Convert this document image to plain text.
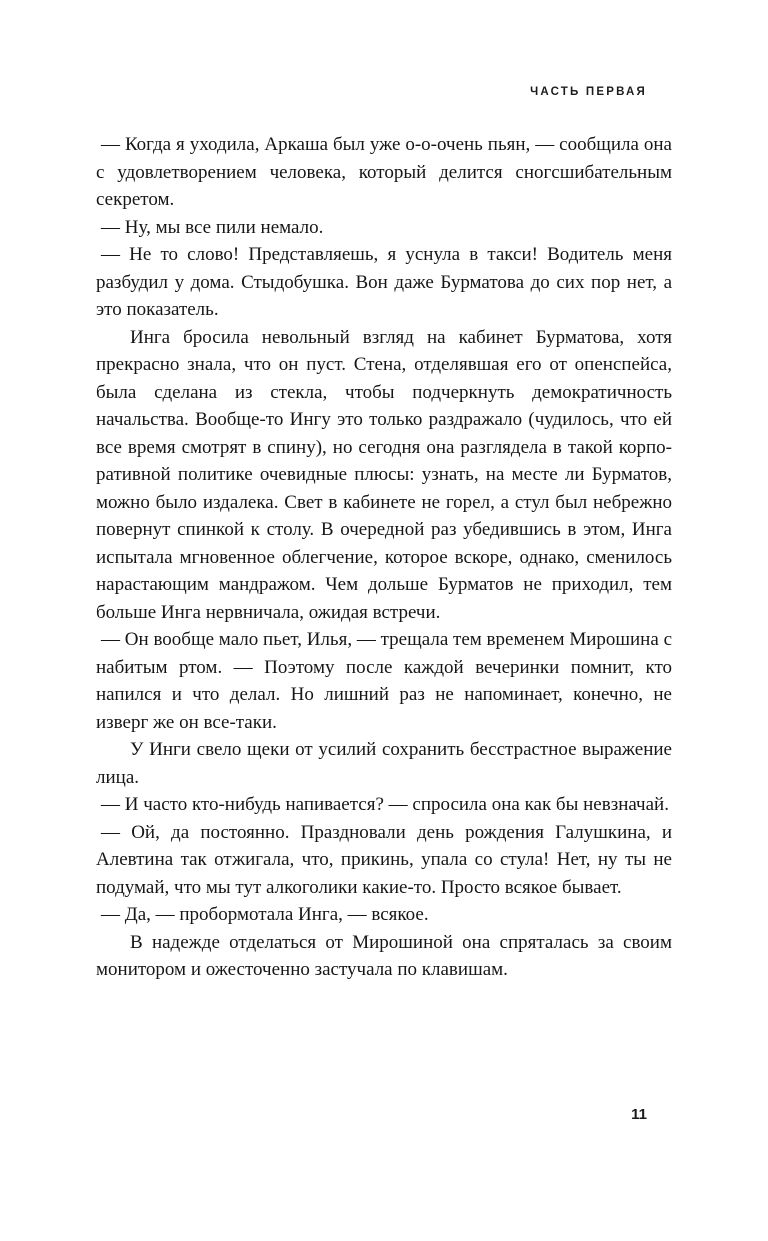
ЧАСТЬ ПЕРВАЯ

— Когда я уходила, Аркаша был уже о-о-очень пьян, — сообщила она с удовлетворением человека, который делится сногсшибательным секретом.

— Ну, мы все пили немало.

— Не то слово! Представляешь, я уснула в такси! Водитель меня разбудил у дома. Стыдобушка. Вон даже Бурматова до сих пор нет, а это показатель.

Инга бросила невольный взгляд на кабинет Бурматова, хотя прекрасно знала, что он пуст. Стена, отделявшая его от опенспейса, была сделана из стекла, чтобы подчеркнуть демократичность начальства. Вообще-то Ингу это только раздражало (чудилось, что ей все время смотрят в спину), но сегодня она разглядела в такой корпоративной политике очевидные плюсы: узнать, на месте ли Бурматов, можно было издалека. Свет в кабинете не горел, а стул был небрежно повернут спинкой к столу. В очередной раз убедившись в этом, Инга испытала мгновенное облегчение, которое вскоре, однако, сменилось нарастающим мандражом. Чем дольше Бурматов не приходил, тем больше Инга нервничала, ожидая встречи.

— Он вообще мало пьет, Илья, — трещала тем временем Мирошина с набитым ртом. — Поэтому после каждой вечеринки помнит, кто напился и что делал. Но лишний раз не напоминает, конечно, не изверг же он все-таки.

У Инги свело щеки от усилий сохранить бесстрастное выражение лица.

— И часто кто-нибудь напивается? — спросила она как бы невзначай.

— Ой, да постоянно. Праздновали день рождения Галушкина, и Алевтина так отжигала, что, прикинь, упала со стула! Нет, ну ты не подумай, что мы тут алкоголики какие-то. Просто всякое бывает.

— Да, — пробормотала Инга, — всякое.

В надежде отделаться от Мирошиной она спряталась за своим монитором и ожесточенно застучала по клавишам.

11
